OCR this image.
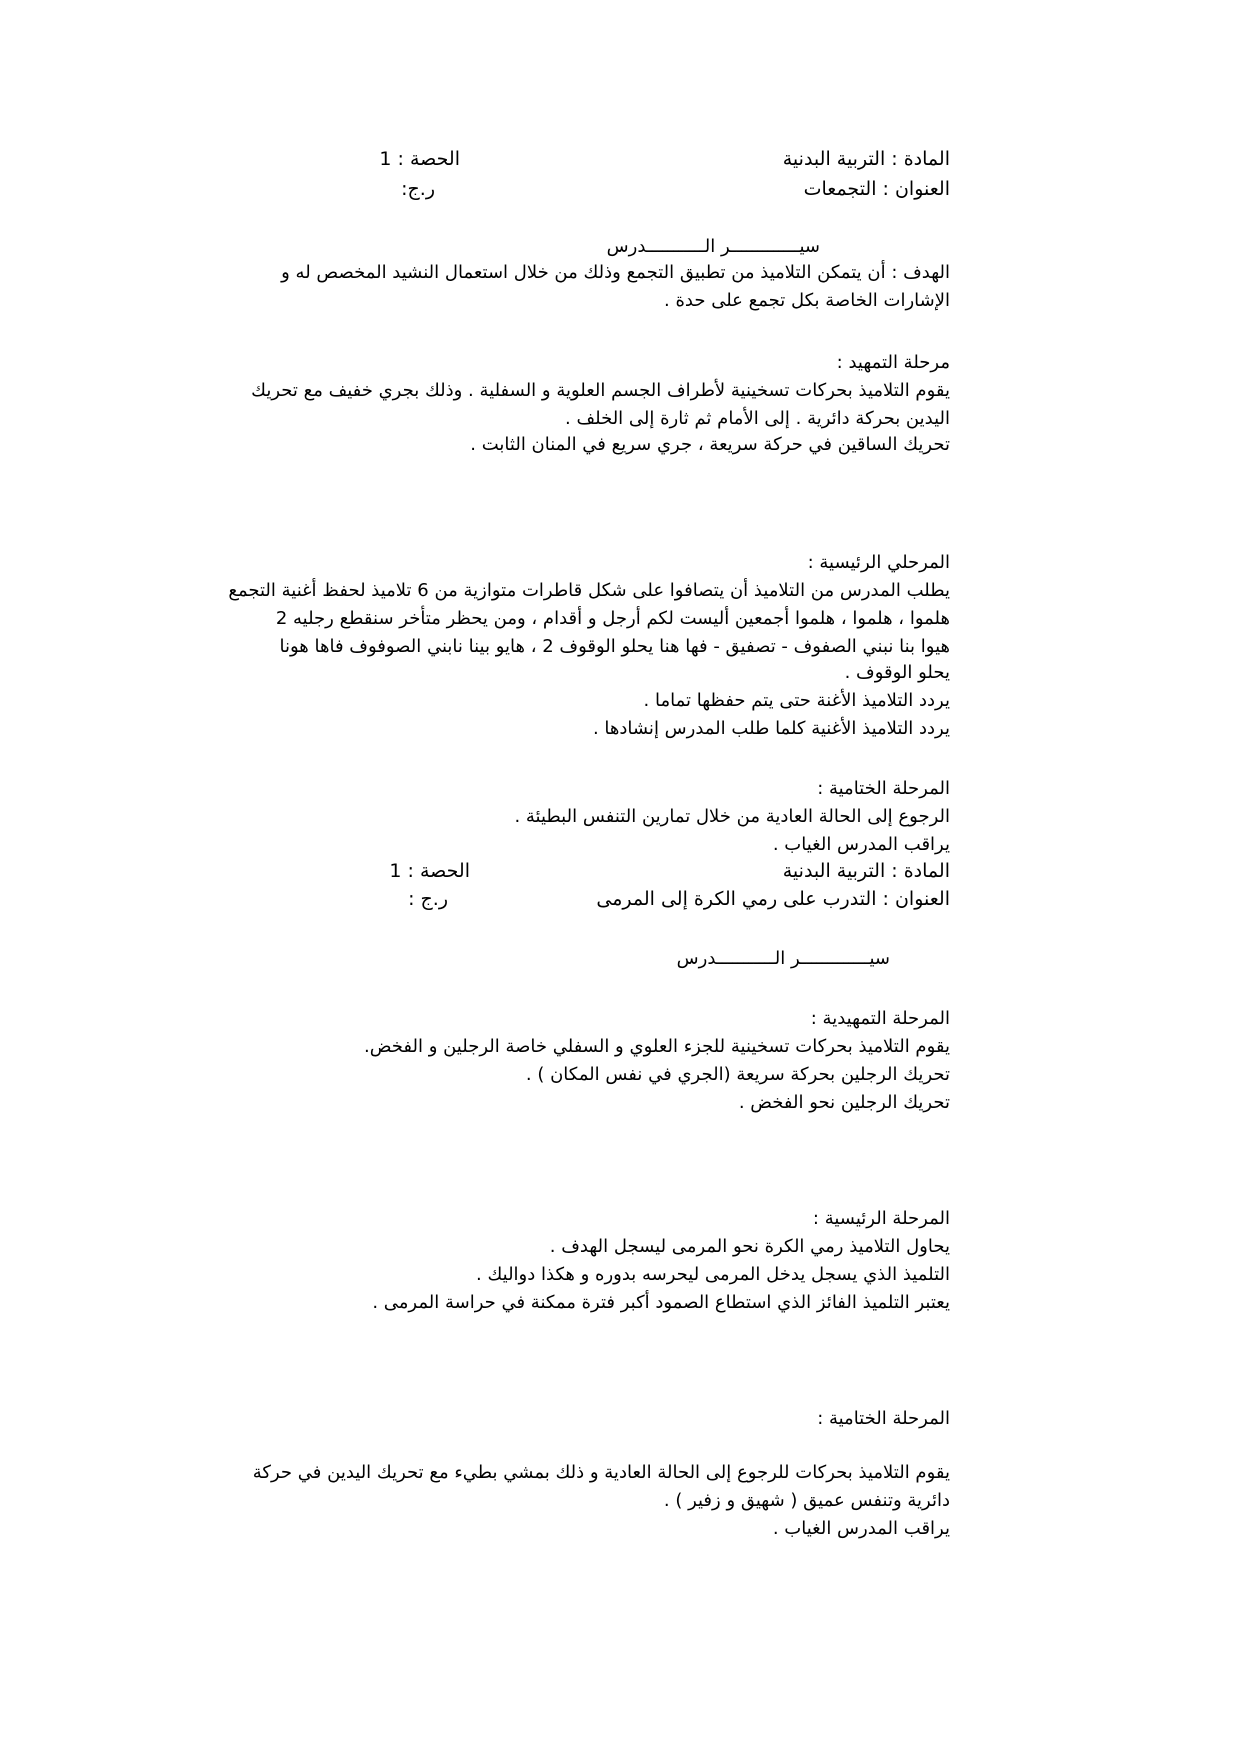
المادة : التربية البدنية
الحصة : 1
العنوان : التجمعات
ر.ج:
سيـــــــــــــر الـــــــــــدرس
الهدف : أن يتمكن التلاميذ من تطبيق التجمع وذلك من خلال استعمال النشيد المخصص له و
الإشارات الخاصة بكل تجمع على حدة .
مرحلة التمهيد :
يقوم التلاميذ بحركات تسخينية لأطراف الجسم العلوية و السفلية . وذلك بجري خفيف مع تحريك
اليدين بحركة دائرية . إلى الأمام ثم ثارة إلى الخلف .
تحريك الساقين في حركة سريعة ، جري سريع في المنان الثابت .
المرحلي الرئيسية :
يطلب المدرس من التلاميذ أن يتصافوا على شكل قاطرات متوازية من 6 تلاميذ لحفظ أغنية التجمع
هلموا ، هلموا ، هلموا أجمعين أليست لكم أرجل و أقدام ، ومن يحظر متأخر سنقطع رجليه 2
هيوا بنا نبني الصفوف - تصفيق - فها هنا يحلو الوقوف 2 ، هايو بينا نابني الصوفوف فاها هونا
يحلو الوقوف .
يردد التلاميذ الأغنة حتى يتم حفظها تماما .
يردد التلاميذ الأغنية كلما طلب المدرس إنشادها .
المرحلة الختامية :
الرجوع إلى الحالة العادية من خلال تمارين التنفس البطيئة .
يراقب المدرس الغياب .
المادة : التربية البدنية
الحصة : 1
العنوان : التدرب على رمي الكرة إلى المرمى
ر.ج :
سيـــــــــــــر الـــــــــــدرس
المرحلة التمهيدية :
يقوم التلاميذ بحركات تسخينية للجزء العلوي و السفلي خاصة الرجلين و الفخض.
تحريك الرجلين بحركة سريعة (الجري في نفس المكان ) .
تحريك الرجلين نحو الفخض .
المرحلة الرئيسية :
يحاول التلاميذ رمي الكرة نحو المرمى ليسجل الهدف .
التلميذ الذي يسجل يدخل المرمى ليحرسه بدوره و هكذا دواليك .
يعتبر التلميذ الفائز الذي استطاع الصمود أكبر فترة ممكنة في حراسة المرمى .
المرحلة الختامية :
يقوم التلاميذ بحركات للرجوع إلى الحالة العادية و ذلك بمشي بطيء مع تحريك اليدين في حركة
دائرية وتنفس عميق ( شهيق و زفير ) .
يراقب المدرس الغياب .
